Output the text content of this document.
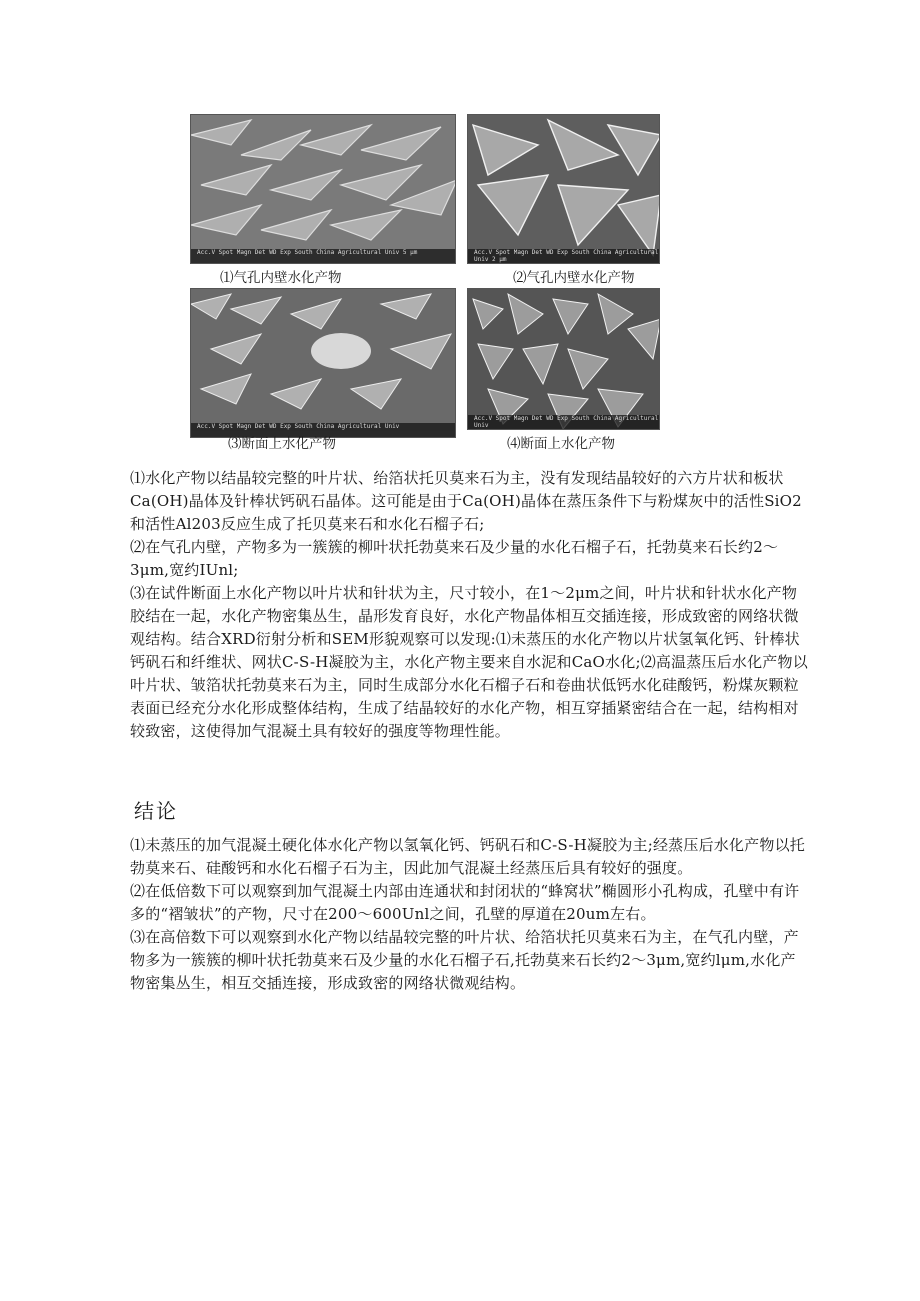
Acc.V Spot Magn Det WD Exp South China Agricultural Univ 5 μm
⑴气孔内壁水化产物
Acc.V Spot Magn Det WD Exp South China Agricultural Univ 2 μm
⑵气孔内壁水化产物
Acc.V Spot Magn Det WD Exp South China Agricultural Univ
⑶断面上水化产物
Acc.V Spot Magn Det WD Exp South China Agricultural Univ
⑷断面上水化产物

⑴水化产物以结晶较完整的叶片状、绐箔状托贝莫来石为主，没有发现结晶较好的六方片状和板状Ca(OH)晶体及针棒状钙矾石晶体。这可能是由于Ca(OH)晶体在蒸压条件下与粉煤灰中的活性SiO2和活性Al203反应生成了托贝莫来石和水化石榴子石;

⑵在气孔内壁，产物多为一簇簇的柳叶状托勃莫来石及少量的水化石榴子石，托勃莫来石长约2～3μm,宽约IUnl;

⑶在试件断面上水化产物以叶片状和针状为主，尺寸较小，在1～2μm之间，叶片状和针状水化产物胶结在一起，水化产物密集丛生，晶形发育良好，水化产物晶体相互交插连接，形成致密的网络状微观结构。结合XRD衍射分析和SEM形貌观察可以发现:⑴未蒸压的水化产物以片状氢氧化钙、针棒状钙矾石和纤维状、网状C-S-H凝胶为主，水化产物主要来自水泥和CaO水化;⑵高温蒸压后水化产物以叶片状、皱箔状托勃莫来石为主，同时生成部分水化石榴子石和卷曲状低钙水化硅酸钙，粉煤灰颗粒表面已经充分水化形成整体结构，生成了结晶较好的水化产物，相互穿插紧密结合在一起，结构相对较致密，这使得加气混凝土具有较好的强度等物理性能。

结论

⑴未蒸压的加气混凝土硬化体水化产物以氢氧化钙、钙矾石和C-S-H凝胶为主;经蒸压后水化产物以托勃莫来石、硅酸钙和水化石榴子石为主，因此加气混凝土经蒸压后具有较好的强度。

⑵在低倍数下可以观察到加气混凝土内部由连通状和封闭状的“蜂窝状”椭圆形小孔构成，孔壁中有许多的“褶皱状”的产物，尺寸在200～600Unl之间，孔壁的厚道在20um左右。

⑶在高倍数下可以观察到水化产物以结晶较完整的叶片状、给箔状托贝莫来石为主，在气孔内壁，产物多为一簇簇的柳叶状托勃莫来石及少量的水化石榴子石,托勃莫来石长约2～3μm,宽约lμm,水化产物密集丛生，相互交插连接，形成致密的网络状微观结构。
